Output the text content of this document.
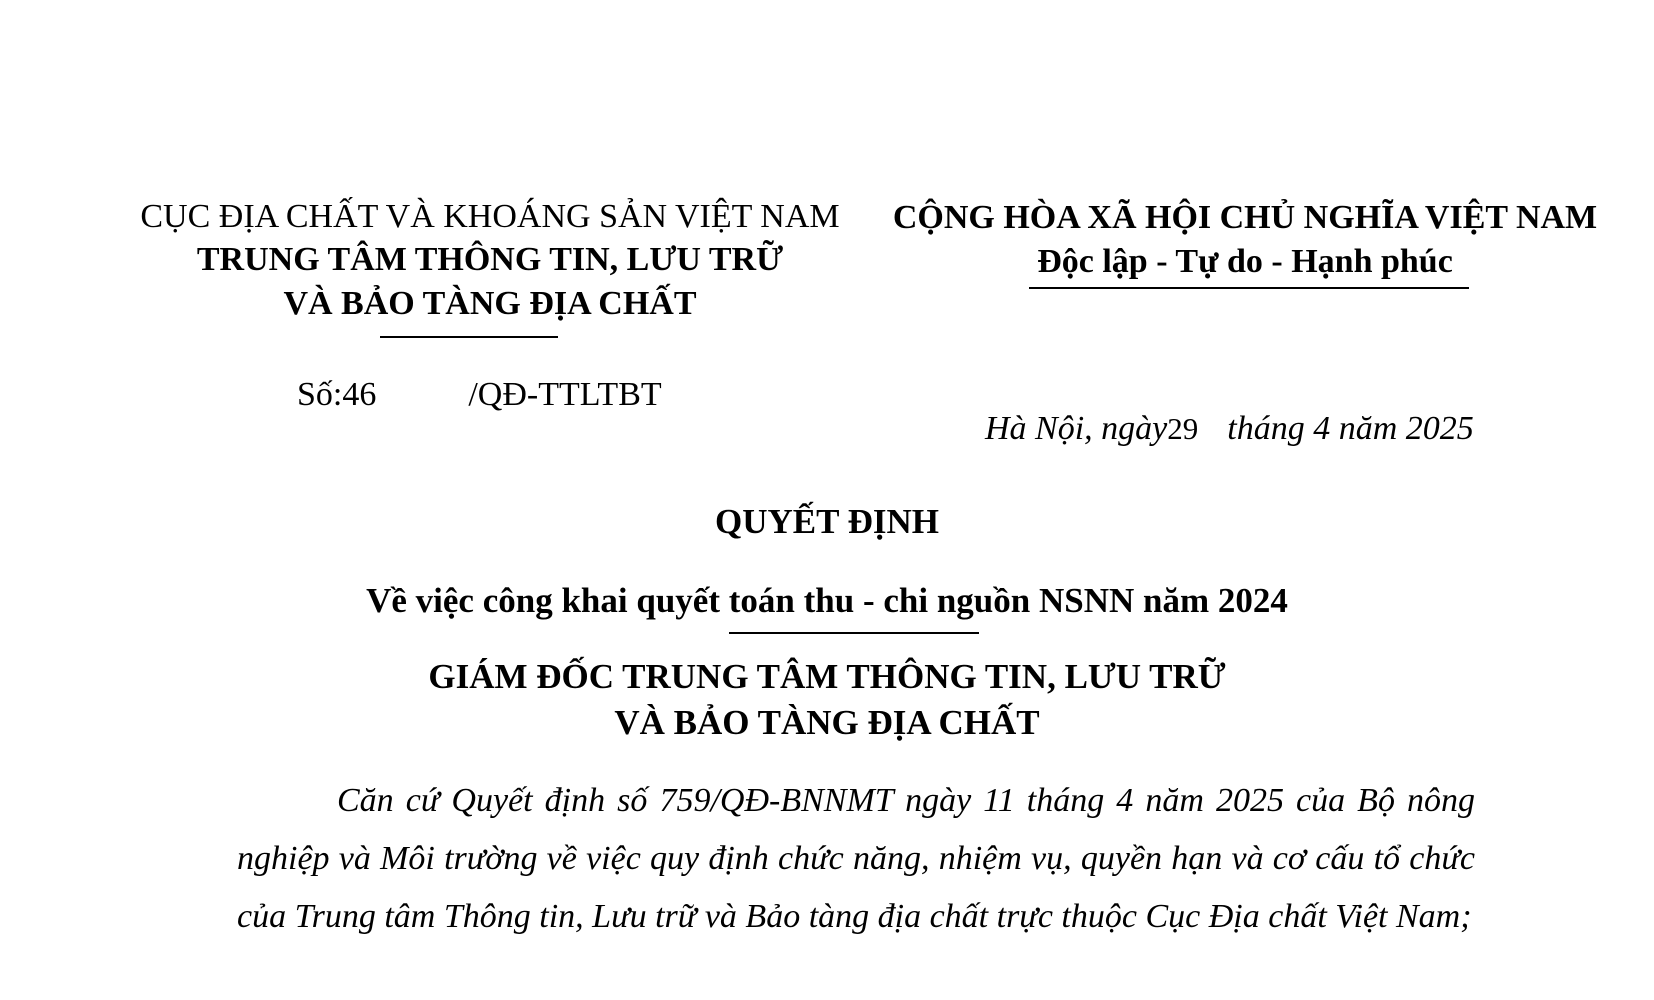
CỤC ĐỊA CHẤT VÀ KHOÁNG SẢN VIỆT NAM
TRUNG TÂM THÔNG TIN, LƯU TRỮ
VÀ BẢO TÀNG ĐỊA CHẤT
CỘNG HÒA XÃ HỘI CHỦ NGHĨA VIỆT NAM
Độc lập - Tự do - Hạnh phúc
Số:46	/QĐ-TTLTBT
Hà Nội, ngày29 tháng 4 năm 2025
QUYẾT ĐỊNH
Về việc công khai quyết toán thu - chi nguồn NSNN năm 2024
GIÁM ĐỐC TRUNG TÂM THÔNG TIN, LƯU TRỮ
VÀ BẢO TÀNG ĐỊA CHẤT
Căn cứ Quyết định số 759/QĐ-BNNMT ngày 11 tháng 4 năm 2025 của Bộ nông nghiệp và Môi trường về việc quy định chức năng, nhiệm vụ, quyền hạn và cơ cấu tổ chức của Trung tâm Thông tin, Lưu trữ và Bảo tàng địa chất trực thuộc Cục Địa chất Việt Nam;
